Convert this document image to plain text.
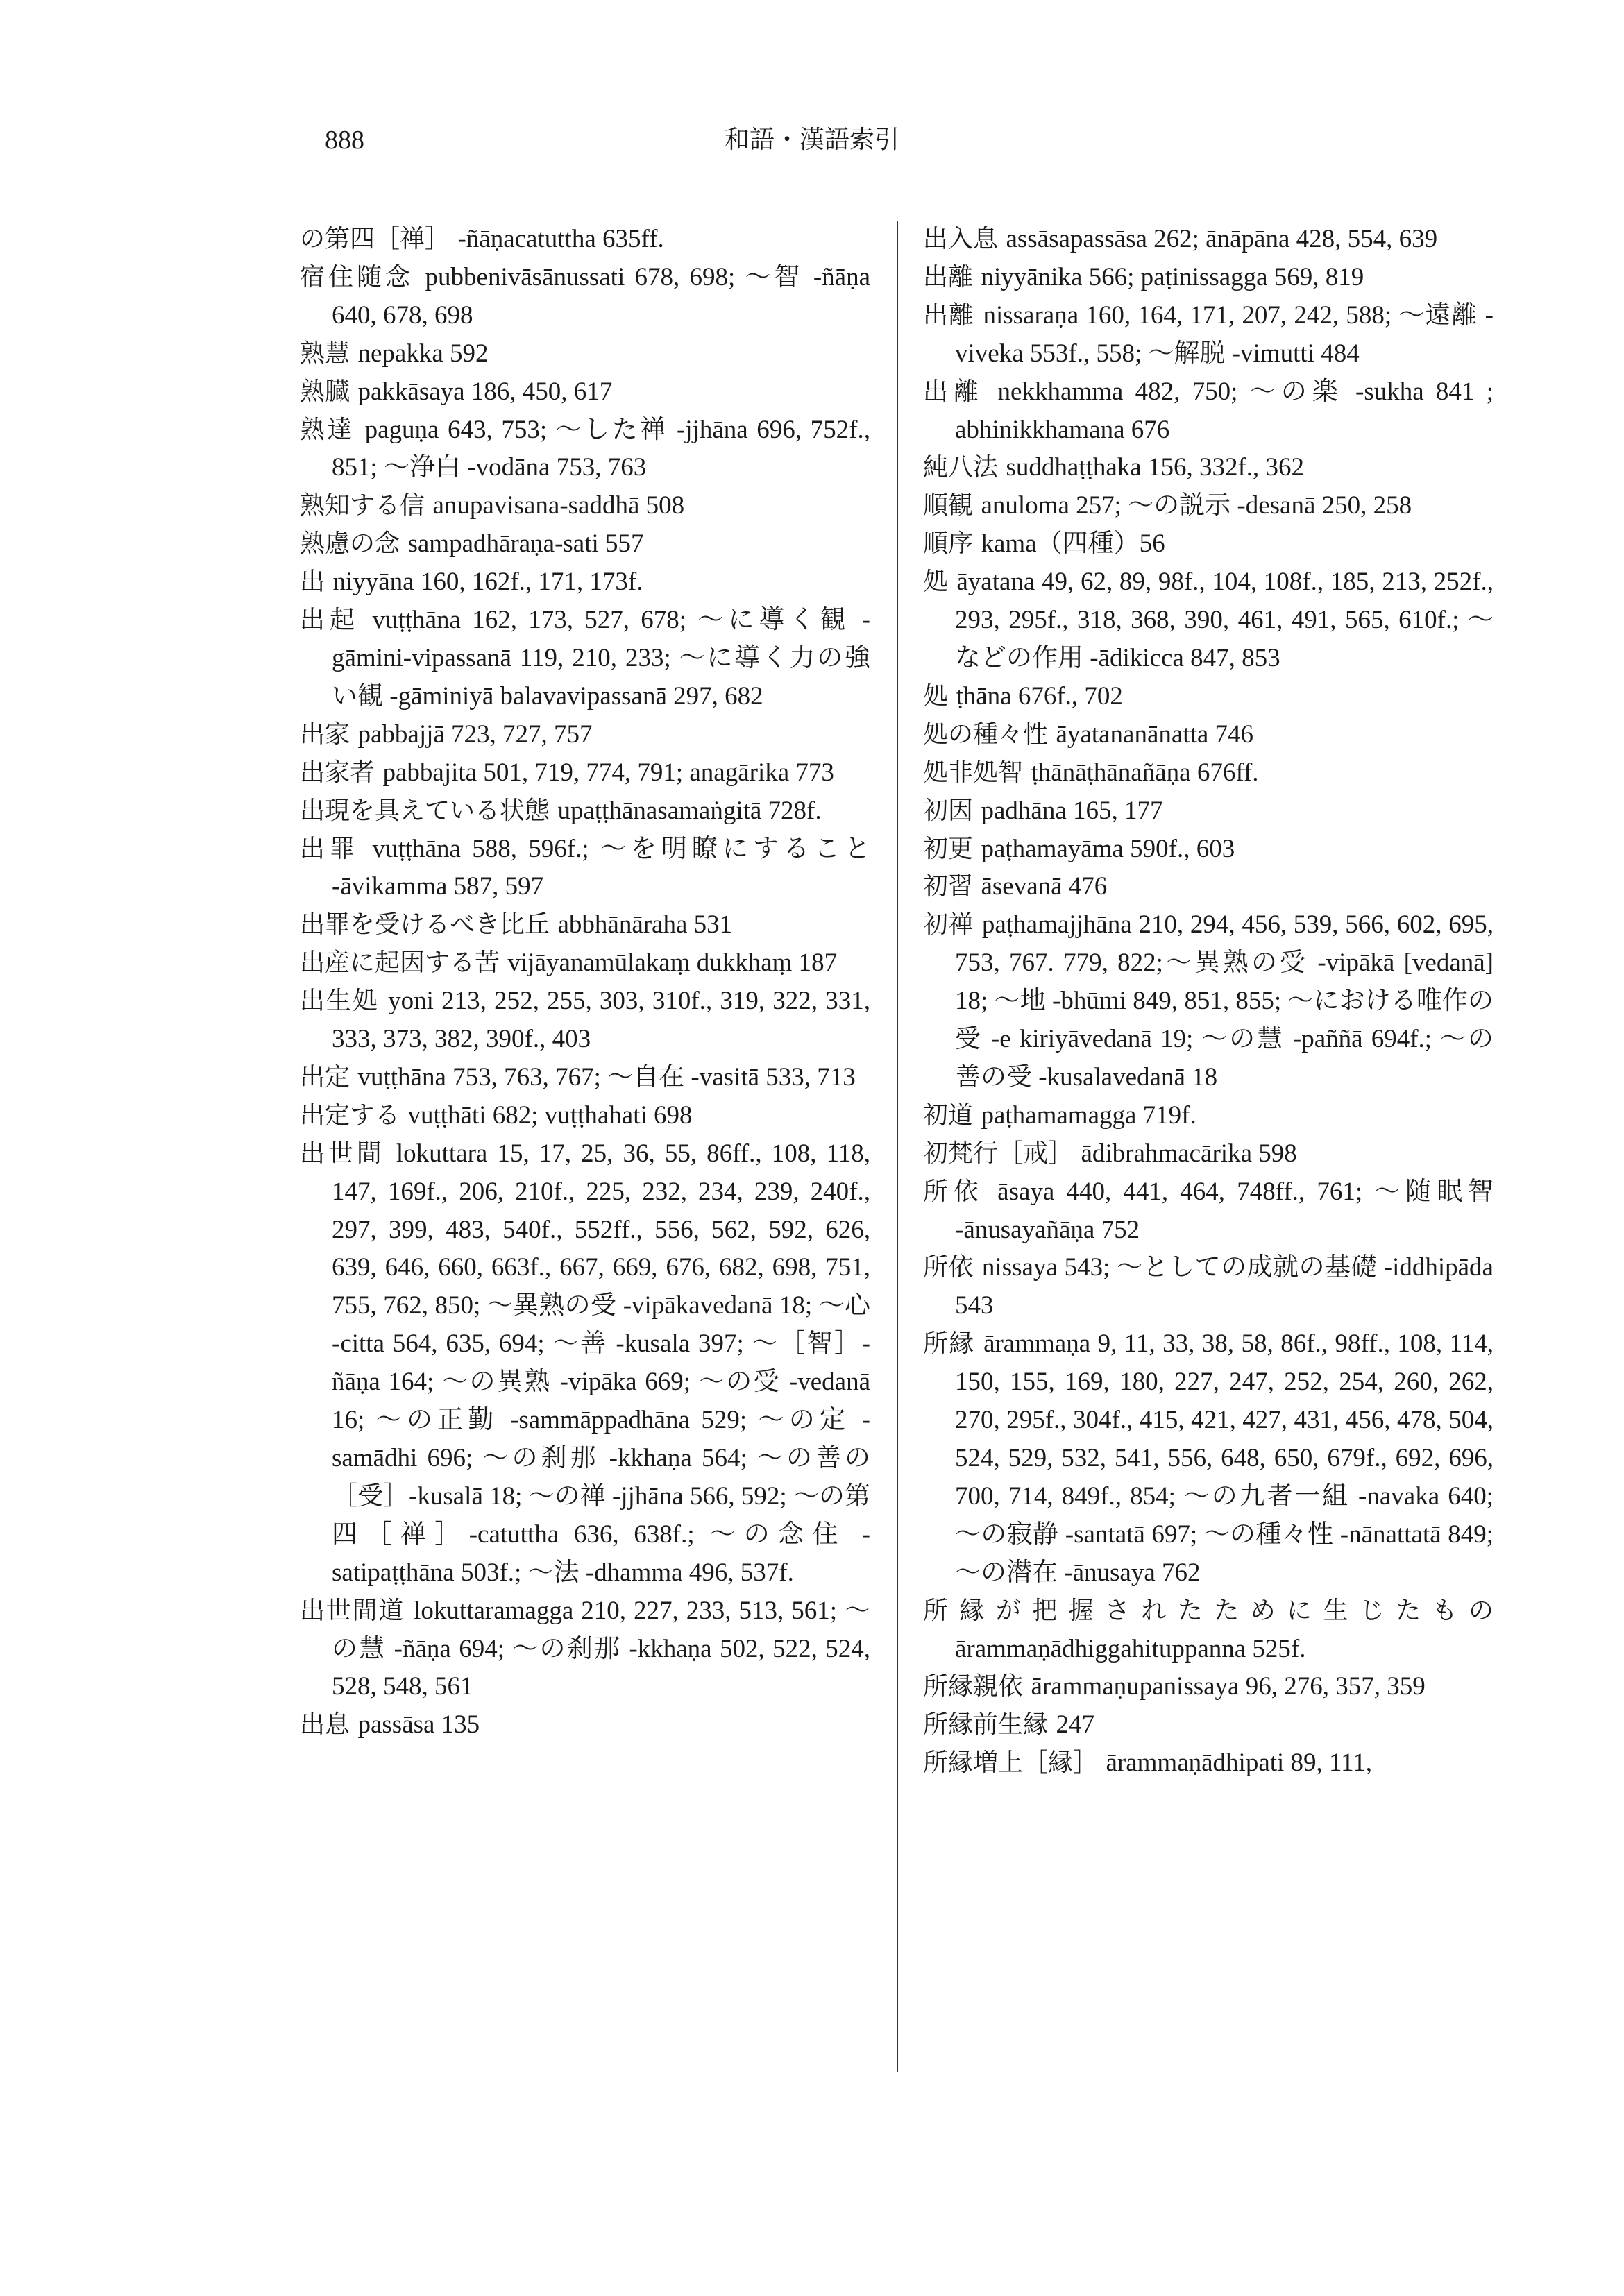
888	和語・漢語索引

の第四［禅］ -ñāṇacatuttha 635ff.

宿住随念 pubbenivāsānussati 678, 698; ～智 -ñāṇa 640, 678, 698

熟慧 nepakka 592

熟臓 pakkāsaya 186, 450, 617

熟達 paguṇa 643, 753; ～した禅 -jjhāna 696, 752f., 851; ～浄白 -vodāna 753, 763

熟知する信 anupavisana-saddhā 508

熟慮の念 sampadhāraṇa-sati 557

出 niyyāna 160, 162f., 171, 173f.

出起 vuṭṭhāna 162, 173, 527, 678; ～に導く観 -gāmini-vipassanā 119, 210, 233; ～に導く力の強い観 -gāminiyā balavavipassanā 297, 682

出家 pabbajjā 723, 727, 757

出家者 pabbajita 501, 719, 774, 791; anagārika 773

出現を具えている状態 upaṭṭhānasamaṅgitā 728f.

出罪 vuṭṭhāna 588, 596f.; ～を明瞭にすること -āvikamma 587, 597

出罪を受けるべき比丘 abbhānāraha 531

出産に起因する苦 vijāyanamūlakaṃ dukkhaṃ 187

出生処 yoni 213, 252, 255, 303, 310f., 319, 322, 331, 333, 373, 382, 390f., 403

出定 vuṭṭhāna 753, 763, 767; ～自在 -vasitā 533, 713

出定する vuṭṭhāti 682; vuṭṭhahati 698

出世間 lokuttara 15, 17, 25, 36, 55, 86ff., 108, 118, 147, 169f., 206, 210f., 225, 232, 234, 239, 240f., 297, 399, 483, 540f., 552ff., 556, 562, 592, 626, 639, 646, 660, 663f., 667, 669, 676, 682, 698, 751, 755, 762, 850; ～異熟の受 -vipākavedanā 18; ～心 -citta 564, 635, 694; ～善 -kusala 397; ～［智］-ñāṇa 164; ～の異熟 -vipāka 669; ～の受 -vedanā 16; ～の正勤 -sammāppadhāna 529; ～の定 -samādhi 696; ～の刹那 -kkhaṇa 564; ～の善の［受］-kusalā 18; ～の禅 -jjhāna 566, 592; ～の第四［禅］-catuttha 636, 638f.; ～の念住 -satipaṭṭhāna 503f.; ～法 -dhamma 496, 537f.

出世間道 lokuttaramagga 210, 227, 233, 513, 561; ～の慧 -ñāṇa 694; ～の刹那 -kkhaṇa 502, 522, 524, 528, 548, 561

出息 passāsa 135

出入息 assāsapassāsa 262; ānāpāna 428, 554, 639

出離 niyyānika 566; paṭinissagga 569, 819

出離 nissaraṇa 160, 164, 171, 207, 242, 588; ～遠離 -viveka 553f., 558; ～解脱 -vimutti 484

出離 nekkhamma 482, 750; ～の楽 -sukha 841 ; abhinikkhamana 676

純八法 suddhaṭṭhaka 156, 332f., 362

順観 anuloma 257; ～の説示 -desanā 250, 258

順序 kama（四種）56

処 āyatana 49, 62, 89, 98f., 104, 108f., 185, 213, 252f., 293, 295f., 318, 368, 390, 461, 491, 565, 610f.; ～などの作用 -ādikicca 847, 853

処 ṭhāna 676f., 702

処の種々性 āyatananānatta 746

処非処智 ṭhānāṭhānañāṇa 676ff.

初因 padhāna 165, 177

初更 paṭhamayāma 590f., 603

初習 āsevanā 476

初禅 paṭhamajjhāna 210, 294, 456, 539, 566, 602, 695, 753, 767. 779, 822;～異熟の受 -vipākā [vedanā] 18; ～地 -bhūmi 849, 851, 855; ～における唯作の受 -e kiriyāvedanā 19; ～の慧 -paññā 694f.; ～の善の受 -kusalavedanā 18

初道 paṭhamamagga 719f.

初梵行［戒］ ādibrahmacārika 598

所依 āsaya 440, 441, 464, 748ff., 761; ～随眠智 -ānusayañāṇa 752

所依 nissaya 543; ～としての成就の基礎 -iddhipāda 543

所縁 ārammaṇa 9, 11, 33, 38, 58, 86f., 98ff., 108, 114, 150, 155, 169, 180, 227, 247, 252, 254, 260, 262, 270, 295f., 304f., 415, 421, 427, 431, 456, 478, 504, 524, 529, 532, 541, 556, 648, 650, 679f., 692, 696, 700, 714, 849f., 854; ～の九者一組 -navaka 640; ～の寂静 -santatā 697; ～の種々性 -nānattatā 849; ～の潜在 -ānusaya 762

所縁が把握されたために生じたもの ārammaṇādhiggahituppanna 525f.

所縁親依 ārammaṇupanissaya 96, 276, 357, 359

所縁前生縁 247

所縁増上［縁］ ārammaṇādhipati 89, 111,
